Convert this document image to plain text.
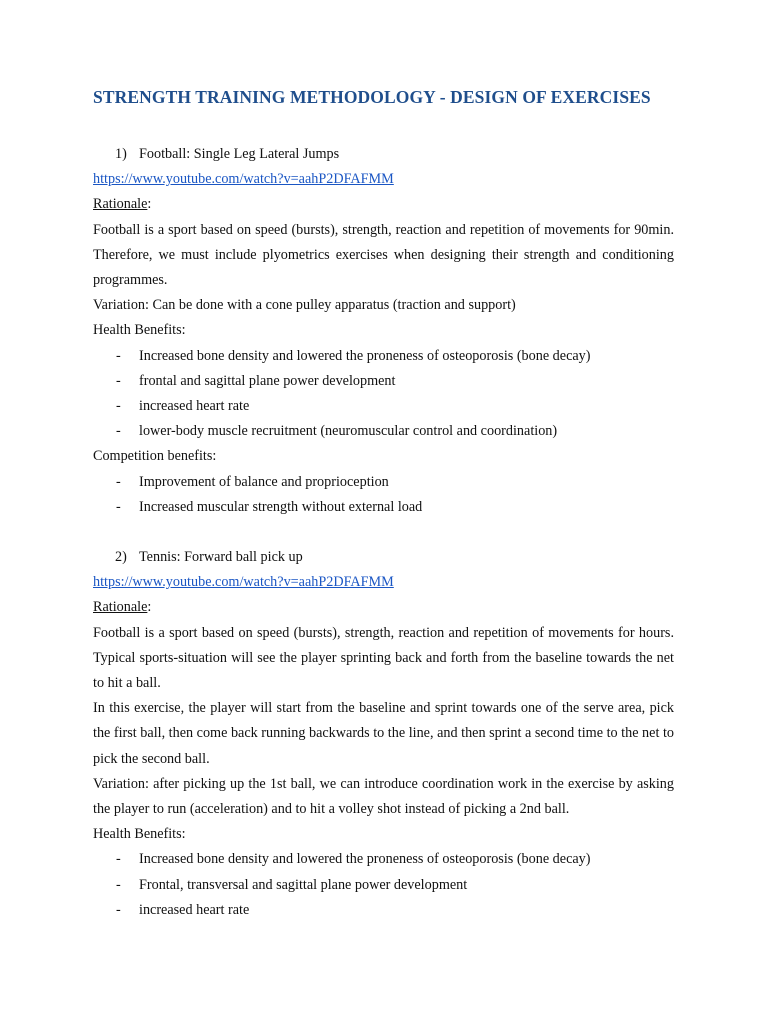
STRENGTH TRAINING METHODOLOGY - DESIGN OF EXERCISES
1) Football: Single Leg Lateral Jumps
https://www.youtube.com/watch?v=aahP2DFAFMM
Rationale:
Football is a sport based on speed (bursts), strength, reaction and repetition of movements for 90min. Therefore, we must include plyometrics exercises when designing their strength and conditioning programmes.
Variation: Can be done with a cone pulley apparatus (traction and support)
Health Benefits:
-	Increased bone density and lowered the proneness of osteoporosis (bone decay)
-	frontal and sagittal plane power development
-	increased heart rate
-	lower-body muscle recruitment (neuromuscular control and coordination)
Competition benefits:
-	Improvement of balance and proprioception
-	Increased muscular strength without external load
2) Tennis: Forward ball pick up
https://www.youtube.com/watch?v=aahP2DFAFMM
Rationale:
Football is a sport based on speed (bursts), strength, reaction and repetition of movements for hours. Typical sports-situation will see the player sprinting back and forth from the baseline towards the net to hit a ball.
In this exercise, the player will start from the baseline and sprint towards one of the serve area, pick the first ball, then come back running backwards to the line, and then sprint a second time to the net to pick the second ball.
Variation: after picking up the 1st ball, we can introduce coordination work in the exercise by asking the player to run (acceleration) and to hit a volley shot instead of picking a 2nd ball.
Health Benefits:
-	Increased bone density and lowered the proneness of osteoporosis (bone decay)
-	Frontal, transversal and sagittal plane power development
-	increased heart rate
